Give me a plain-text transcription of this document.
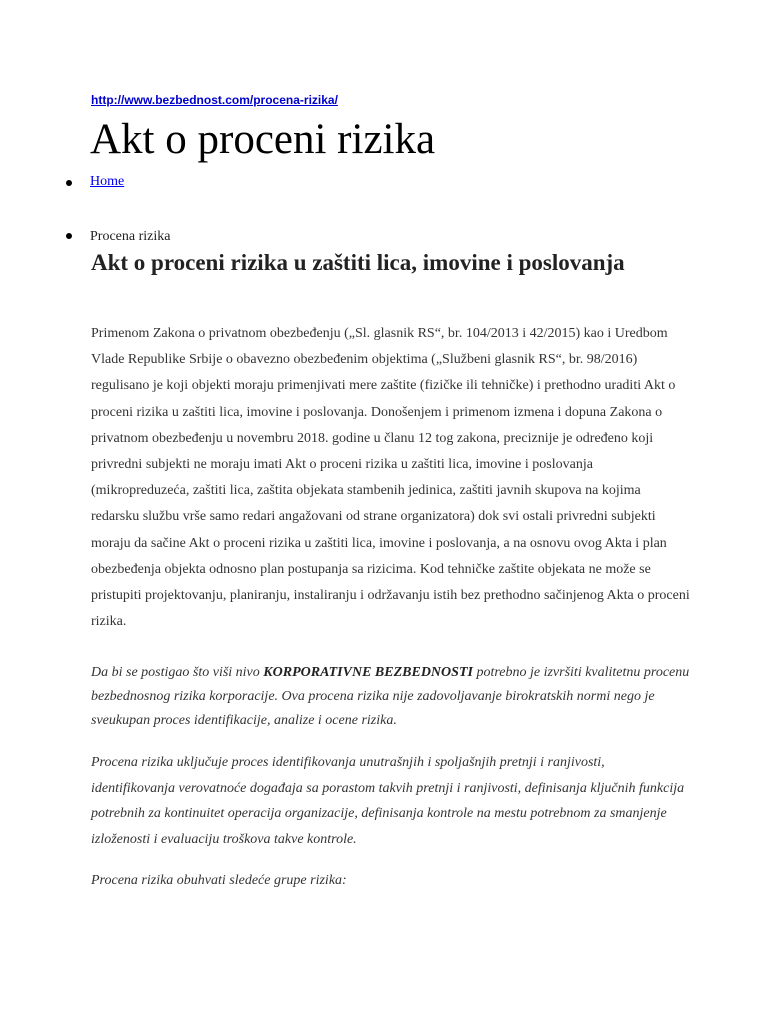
http://www.bezbednost.com/procena-rizika/
Akt o proceni rizika
Home
Procena rizika
Akt o proceni rizika u zaštiti lica, imovine i poslovanja

Primenom Zakona o privatnom obezbeđenju („Sl. glasnik RS“, br. 104/2013 i 42/2015) kao i Uredbom Vlade Republike Srbije o obavezno obezbeđenim objektima („Službeni glasnik RS“, br. 98/2016) regulisano je koji objekti moraju primenjivati mere zaštite (fizičke ili tehničke) i prethodno uraditi Akt o proceni rizika u zaštiti lica, imovine i poslovanja. Donošenjem i primenom izmena i dopuna Zakona o privatnom obezbeđenju u novembru 2018. godine u članu 12 tog zakona, preciznije je određeno koji privredni subjekti ne moraju imati Akt o proceni rizika u zaštiti lica, imovine i poslovanja (mikropreduzeća, zaštiti lica, zaštita objekata stambenih jedinica, zaštiti javnih skupova na kojima redarsku službu vrše samo redari angažovani od strane organizatora) dok svi ostali privredni subjekti moraju da sačine Akt o proceni rizika u zaštiti lica, imovine i poslovanja, a na osnovu ovog Akta i plan obezbeđenja objekta odnosno plan postupanja sa rizicima. Kod tehničke zaštite objekata ne može se pristupiti projektovanju, planiranju, instaliranju i održavanju istih bez prethodno sačinjenog Akta o proceni rizika.

Da bi se postigao što viši nivo KORPORATIVNE BEZBEDNOSTI potrebno je izvršiti kvalitetnu procenu bezbednosnog rizika korporacije. Ova procena rizika nije zadovoljavanje birokratskih normi nego je sveukupan proces identifikacije, analize i ocene rizika.

Procena rizika uključuje proces identifikovanja unutrašnjih i spoljašnjih pretnji i ranjivosti, identifikovanja verovatnoće događaja sa porastom takvih pretnji i ranjivosti, definisanja ključnih funkcija potrebnih za kontinuitet operacija organizacije, definisanja kontrole na mestu potrebnom za smanjenje izloženosti i evaluaciju troškova takve kontrole.

Procena rizika obuhvati sledeće grupe rizika:
